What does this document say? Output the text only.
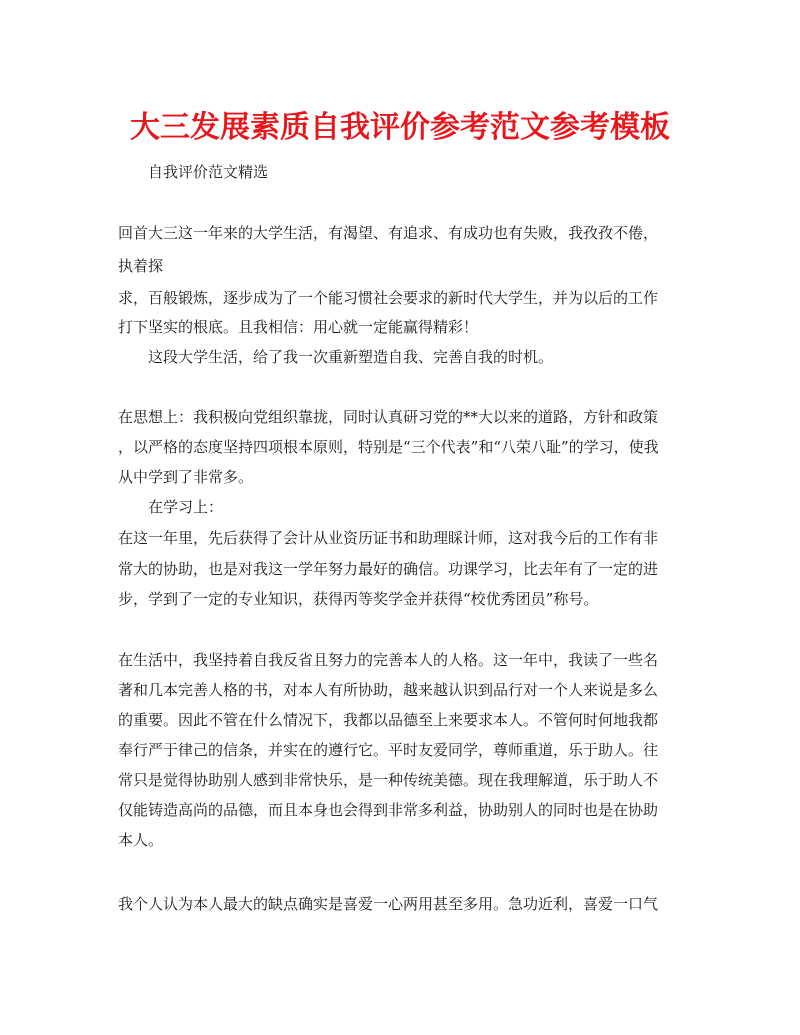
大三发展素质自我评价参考范文参考模板
自我评价范文精选
回首大三这一年来的大学生活，有渴望、有追求、有成功也有失败，我孜孜不倦，
执着探
求，百般锻炼，逐步成为了一个能习惯社会要求的新时代大学生，并为以后的工作
打下坚实的根底。且我相信：用心就一定能赢得精彩！
这段大学生活，给了我一次重新塑造自我、完善自我的时机。
在思想上：我积极向党组织靠拢，同时认真研习党的**大以来的道路，方针和政策
，以严格的态度坚持四项根本原则，特别是“三个代表”和“八荣八耻”的学习，使我
从中学到了非常多。
在学习上：
在这一年里，先后获得了会计从业资历证书和助理睬计师，这对我今后的工作有非
常大的协助，也是对我这一学年努力最好的确信。功课学习，比去年有了一定的进
步，学到了一定的专业知识，获得丙等奖学金并获得“校优秀团员”称号。
在生活中，我坚持着自我反省且努力的完善本人的人格。这一年中，我读了一些名
著和几本完善人格的书，对本人有所协助，越来越认识到品行对一个人来说是多么
的重要。因此不管在什么情况下，我都以品德至上来要求本人。不管何时何地我都
奉行严于律己的信条，并实在的遵行它。平时友爱同学，尊师重道，乐于助人。往
常只是觉得协助别人感到非常快乐，是一种传统美德。现在我理解道，乐于助人不
仅能铸造高尚的品德，而且本身也会得到非常多利益，协助别人的同时也是在协助
本人。
我个人认为本人最大的缺点确实是喜爱一心两用甚至多用。急功近利，喜爱一口气
